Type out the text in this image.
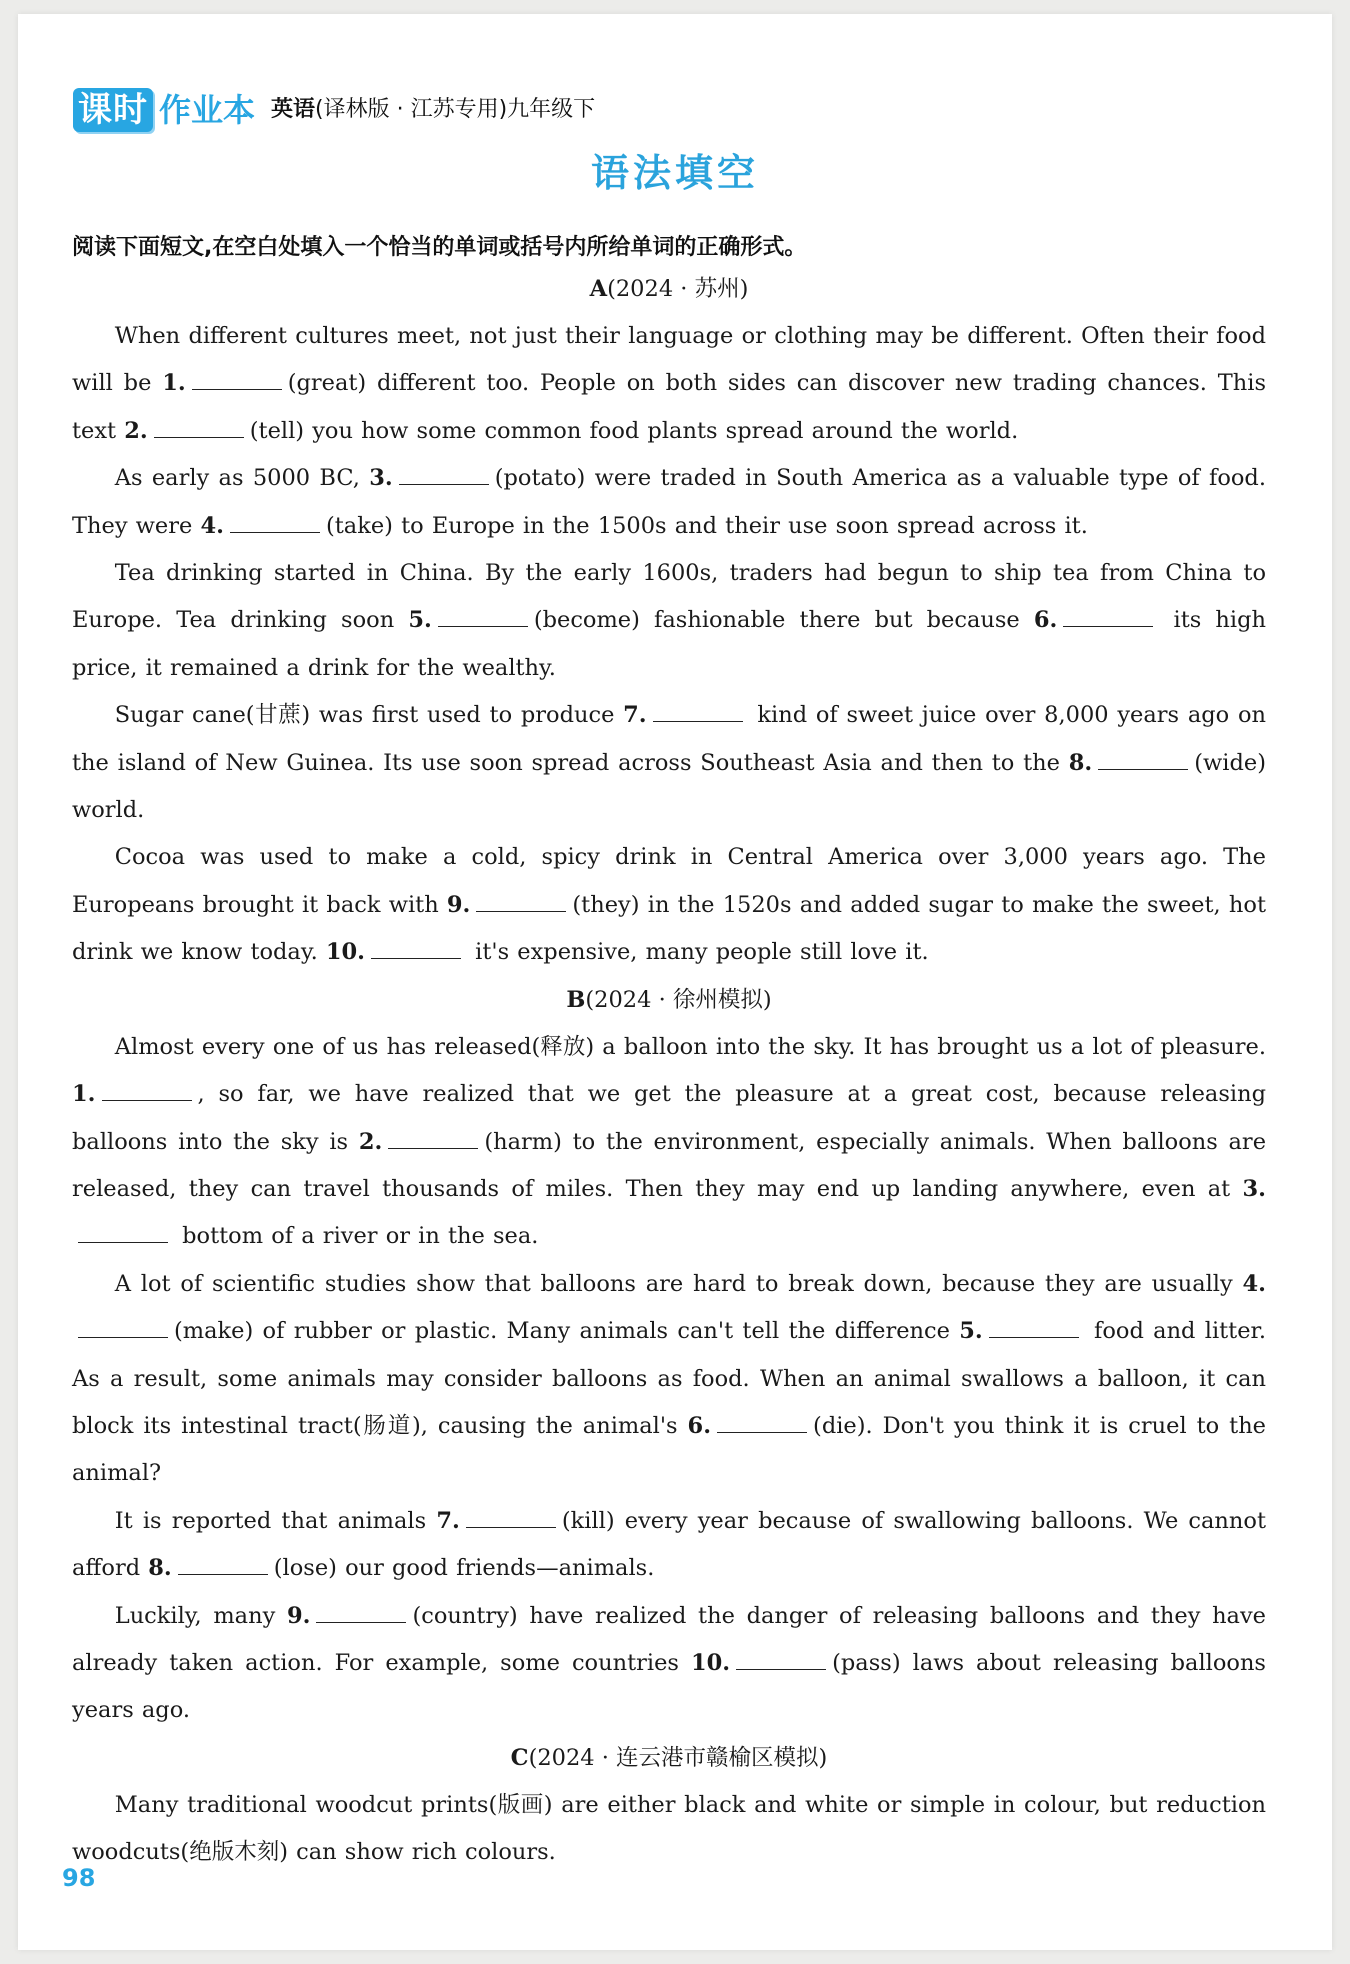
课时 作业本 英语(译林版 · 江苏专用)九年级下
语法填空
阅读下面短文,在空白处填入一个恰当的单词或括号内所给单词的正确形式。
A(2024 · 苏州)

When different cultures meet, not just their language or clothing may be different. Often their food will be 1.	(great) different too. People on both sides can discover new trading chances. This text 2.	(tell) you how some common food plants spread around the world.

As early as 5000 BC, 3.	(potato) were traded in South America as a valuable type of food. They were 4.	(take) to Europe in the 1500s and their use soon spread across it.

Tea drinking started in China. By the early 1600s, traders had begun to ship tea from China to Europe. Tea drinking soon 5.	(become) fashionable there but because 6.	its high price, it remained a drink for the wealthy.

Sugar cane(甘蔗) was first used to produce 7.	kind of sweet juice over 8,000 years ago on the island of New Guinea. Its use soon spread across Southeast Asia and then to the 8.	(wide) world.

Cocoa was used to make a cold, spicy drink in Central America over 3,000 years ago. The Europeans brought it back with 9.	(they) in the 1520s and added sugar to make the sweet, hot drink we know today. 10.	it's expensive, many people still love it.

B(2024 · 徐州模拟)

Almost every one of us has released(释放) a balloon into the sky. It has brought us a lot of pleasure. 1.	, so far, we have realized that we get the pleasure at a great cost, because releasing balloons into the sky is 2.	(harm) to the environment, especially animals. When balloons are released, they can travel thousands of miles. Then they may end up landing anywhere, even at 3. bottom of a river or in the sea.

A lot of scientific studies show that balloons are hard to break down, because they are usually 4.(make) of rubber or plastic. Many animals can't tell the difference 5.	food and litter. As a result, some animals may consider balloons as food. When an animal swallows a balloon, it can block its intestinal tract(肠道), causing the animal's 6.	(die). Don't you think it is cruel to the animal?

It is reported that animals 7.	(kill) every year because of swallowing balloons. We cannot afford 8.	(lose) our good friends—animals.

Luckily, many 9.	(country) have realized the danger of releasing balloons and they have already taken action. For example, some countries 10.	(pass) laws about releasing balloons years ago.

C(2024 · 连云港市赣榆区模拟)

Many traditional woodcut prints(版画) are either black and white or simple in colour, but reduction woodcuts(绝版木刻) can show rich colours.

98
